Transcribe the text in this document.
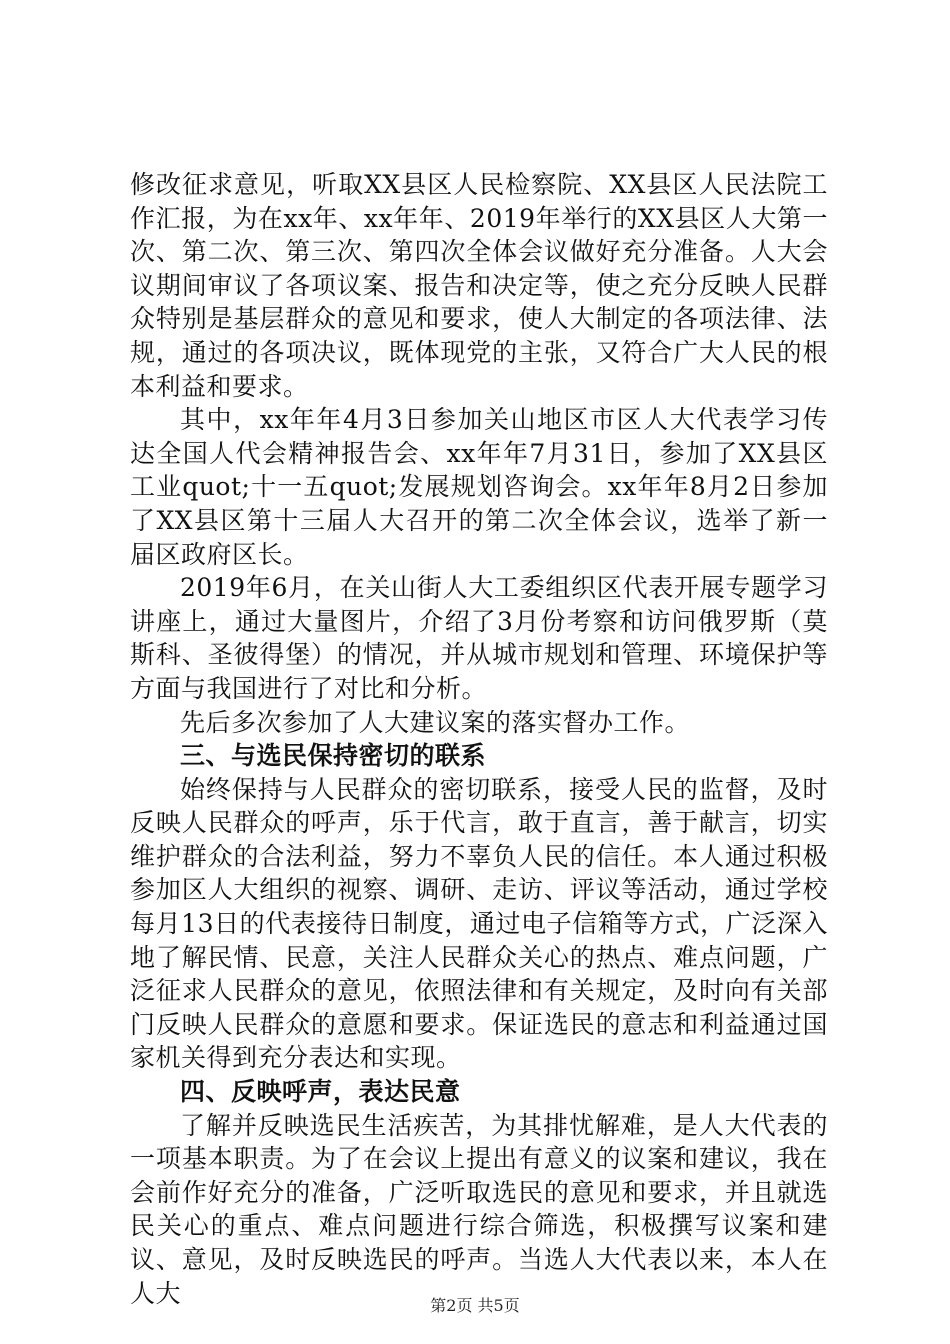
修改征求意见，听取XX县区人民检察院、XX县区人民法院工作汇报，为在xx年、xx年年、2019年举行的XX县区人大第一次、第二次、第三次、第四次全体会议做好充分准备。人大会议期间审议了各项议案、报告和决定等，使之充分反映人民群众特别是基层群众的意见和要求，使人大制定的各项法律、法规，通过的各项决议，既体现党的主张，又符合广大人民的根本利益和要求。

其中，xx年年4月3日参加关山地区市区人大代表学习传达全国人代会精神报告会、xx年年7月31日，参加了XX县区工业quot;十一五quot;发展规划咨询会。xx年年8月2日参加了XX县区第十三届人大召开的第二次全体会议，选举了新一届区政府区长。

2019年6月，在关山街人大工委组织区代表开展专题学习讲座上，通过大量图片，介绍了3月份考察和访问俄罗斯（莫斯科、圣彼得堡）的情况，并从城市规划和管理、环境保护等方面与我国进行了对比和分析。

先后多次参加了人大建议案的落实督办工作。

三、与选民保持密切的联系

始终保持与人民群众的密切联系，接受人民的监督，及时反映人民群众的呼声，乐于代言，敢于直言，善于献言，切实维护群众的合法利益，努力不辜负人民的信任。本人通过积极参加区人大组织的视察、调研、走访、评议等活动，通过学校每月13日的代表接待日制度，通过电子信箱等方式，广泛深入地了解民情、民意，关注人民群众关心的热点、难点问题，广泛征求人民群众的意见，依照法律和有关规定，及时向有关部门反映人民群众的意愿和要求。保证选民的意志和利益通过国家机关得到充分表达和实现。

四、反映呼声，表达民意

了解并反映选民生活疾苦，为其排忧解难，是人大代表的一项基本职责。为了在会议上提出有意义的议案和建议，我在会前作好充分的准备，广泛听取选民的意见和要求，并且就选民关心的重点、难点问题进行综合筛选，积极撰写议案和建议、意见，及时反映选民的呼声。当选人大代表以来，本人在人大	第2页 共5页
